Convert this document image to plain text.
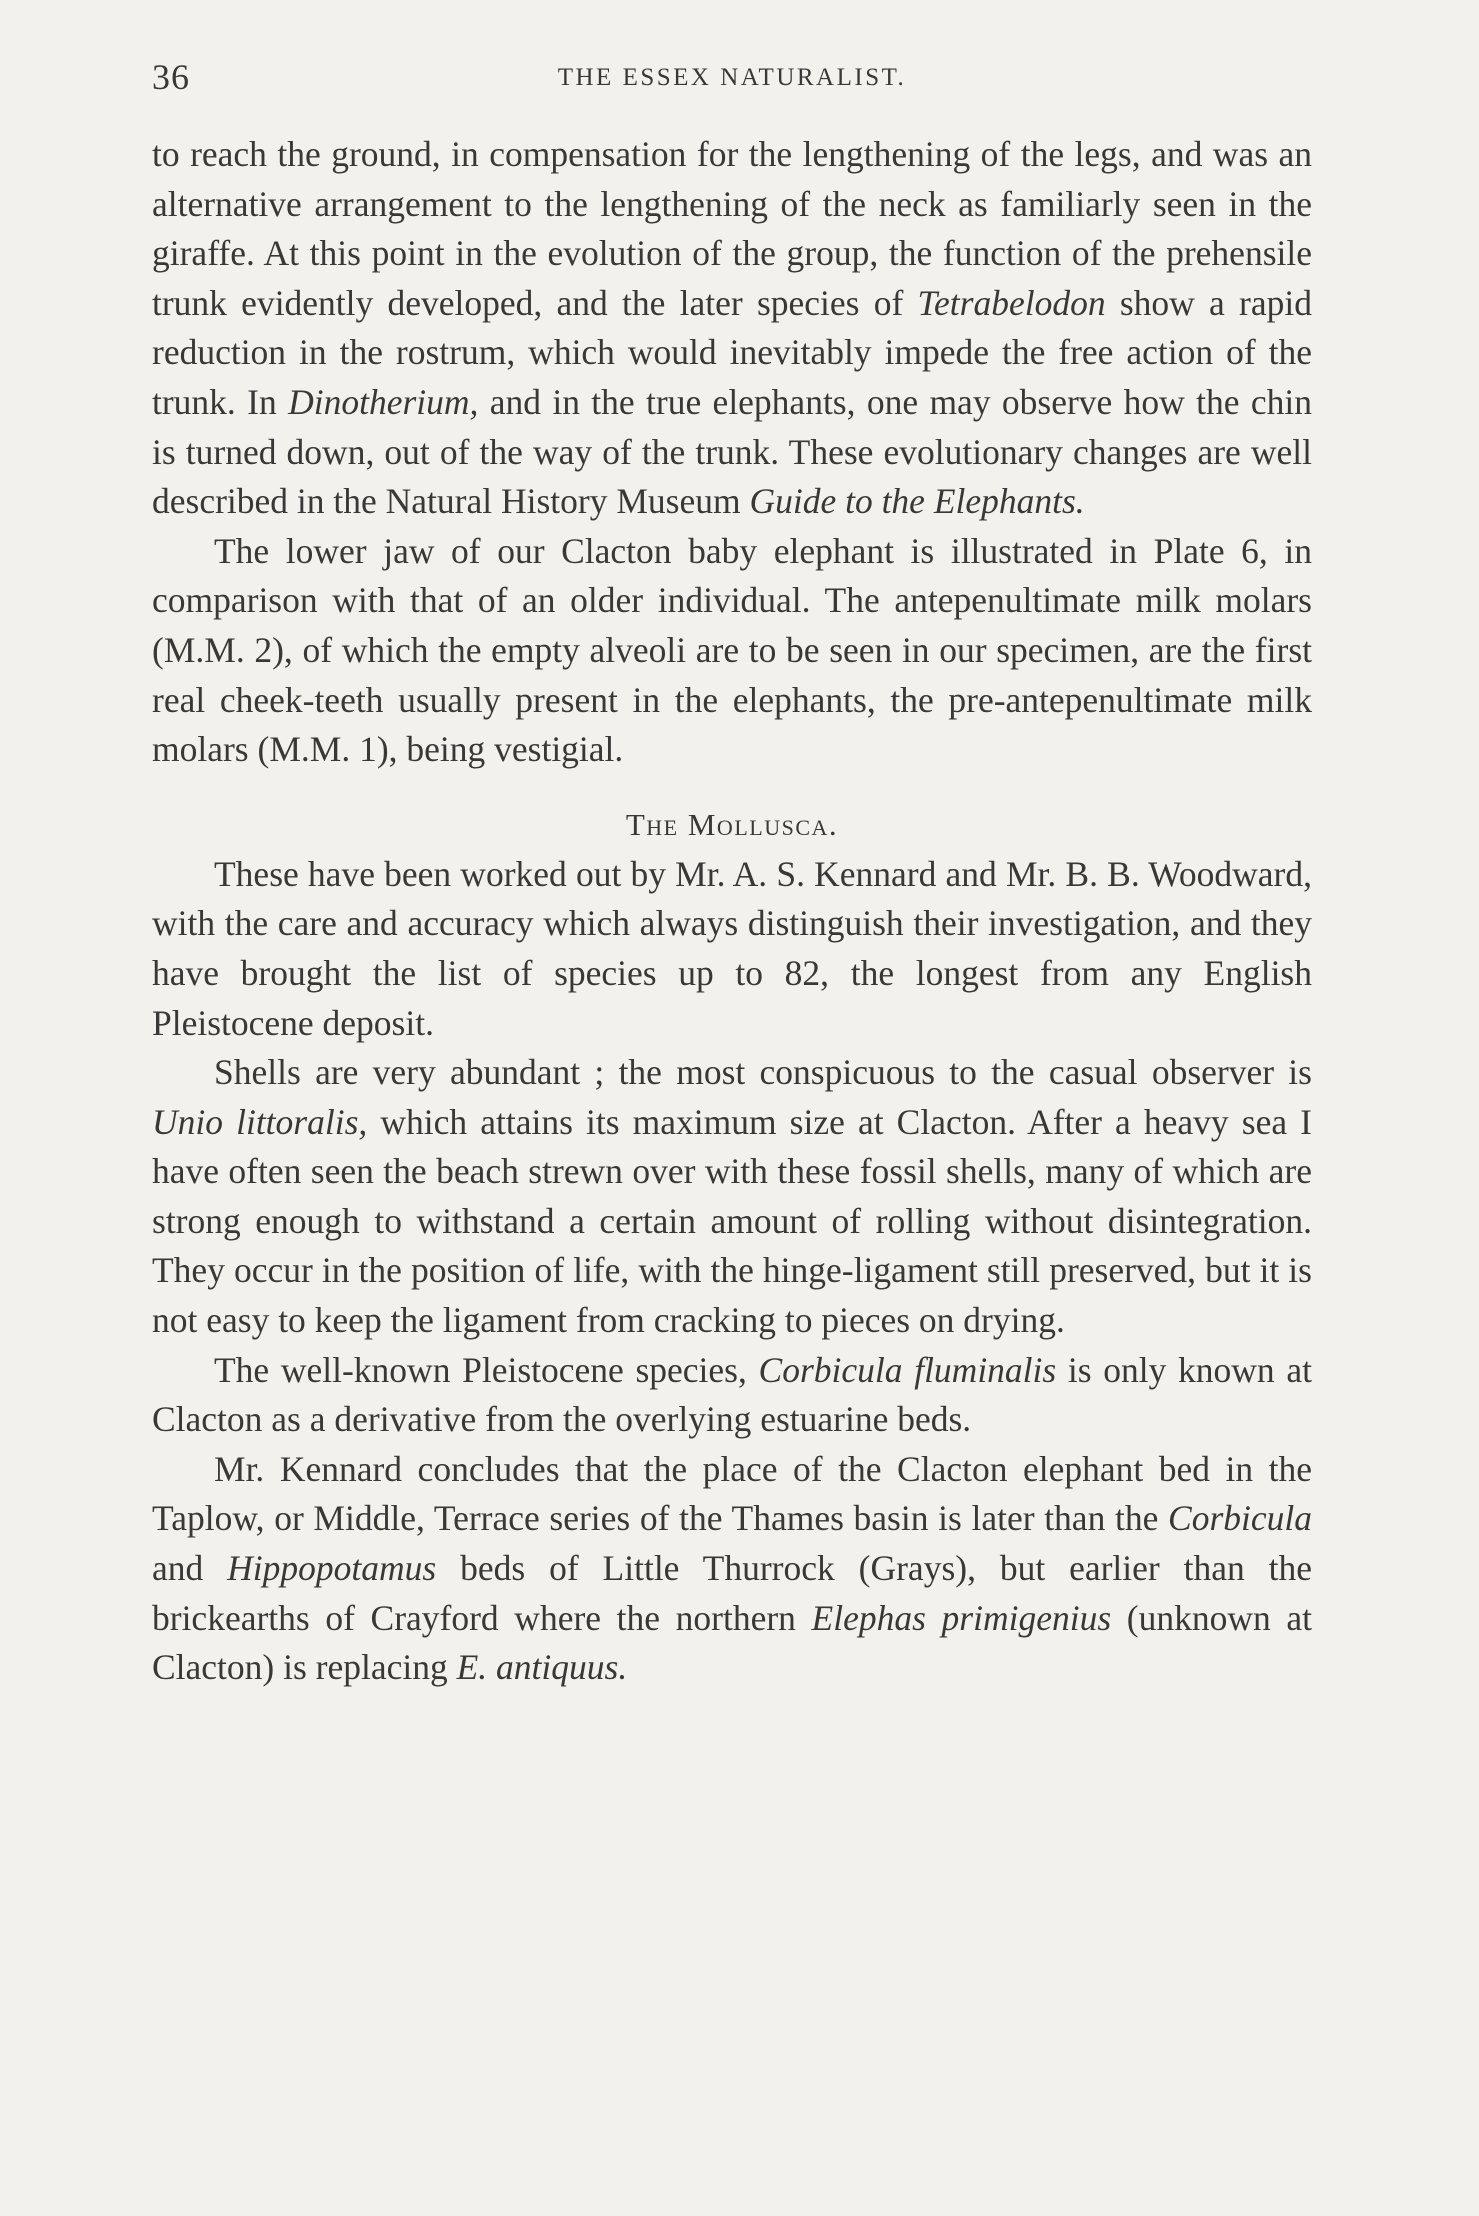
36	THE ESSEX NATURALIST.

to reach the ground, in compensation for the lengthening of the legs, and was an alternative arrangement to the lengthening of the neck as familiarly seen in the giraffe. At this point in the evolution of the group, the function of the prehensile trunk evidently developed, and the later species of Tetrabelodon show a rapid reduction in the rostrum, which would inevitably impede the free action of the trunk. In Dinotherium, and in the true elephants, one may observe how the chin is turned down, out of the way of the trunk. These evolutionary changes are well described in the Natural History Museum Guide to the Elephants.

The lower jaw of our Clacton baby elephant is illustrated in Plate 6, in comparison with that of an older individual. The antepenultimate milk molars (M.M. 2), of which the empty alveoli are to be seen in our specimen, are the first real cheek-teeth usually present in the elephants, the pre-antepenultimate milk molars (M.M. 1), being vestigial.

The Mollusca.

These have been worked out by Mr. A. S. Kennard and Mr. B. B. Woodward, with the care and accuracy which always distinguish their investigation, and they have brought the list of species up to 82, the longest from any English Pleistocene deposit.

Shells are very abundant ; the most conspicuous to the casual observer is Unio littoralis, which attains its maximum size at Clacton. After a heavy sea I have often seen the beach strewn over with these fossil shells, many of which are strong enough to withstand a certain amount of rolling without disintegration. They occur in the position of life, with the hinge-ligament still preserved, but it is not easy to keep the ligament from cracking to pieces on drying.

The well-known Pleistocene species, Corbicula fluminalis is only known at Clacton as a derivative from the overlying estuarine beds.

Mr. Kennard concludes that the place of the Clacton elephant bed in the Taplow, or Middle, Terrace series of the Thames basin is later than the Corbicula and Hippopotamus beds of Little Thurrock (Grays), but earlier than the brickearths of Crayford where the northern Elephas primigenius (unknown at Clacton) is replacing E. antiquus.
